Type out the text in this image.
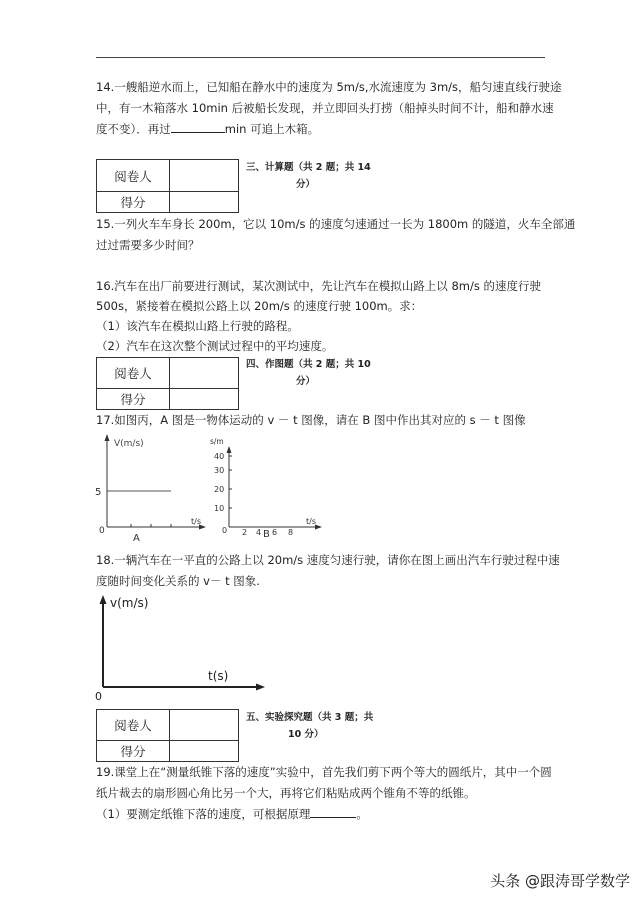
14.一艘船逆水而上，已知船在静水中的速度为 5m/s,水流速度为 3m/s，船匀速直线行驶途
中，有一木箱落水 10min 后被船长发现，并立即回头打捞（船掉头时间不计，船和静水速
度不变）．再过	min 可追上木箱。
阅卷人	
得分	
三、计算题（共 2 题；共 14
分）
15.一列火车车身长 200m，它以 10m/s 的速度匀速通过一长为 1800m 的隧道，火车全部通
过过需要多少时间？
16.汽车在出厂前要进行测试，某次测试中，先让汽车在模拟山路上以 8m/s 的速度行驶
500s，紧接着在模拟公路上以 20m/s 的速度行驶 100m。求：
（1）该汽车在模拟山路上行驶的路程。
（2）汽车在这次整个测试过程中的平均速度。
阅卷人	
得分	
四、作图题（共 2 题；共 10
分）
17.如图丙，A 图是一物体运动的 v － t 图像，请在 B 图中作出其对应的 s － t 图像
V(m/s)
5
0
t/s
A
s/m
40
30
20
10
0 2 4 6 8
B
t/s
18.一辆汽车在一平直的公路上以 20m/s 速度匀速行驶，请你在图上画出汽车行驶过程中速
度随时间变化关系的 v－ t 图象.
v(m/s)
t(s)
0
阅卷人	
得分	
五、实验探究题（共 3 题；共
10 分）
19.课堂上在“测量纸锥下落的速度”实验中，首先我们剪下两个等大的圆纸片，其中一个圆
纸片裁去的扇形圆心角比另一个大，再将它们粘贴成两个锥角不等的纸锥。
（1）要测定纸锥下落的速度，可根据原理	。
头条 @跟涛哥学数学
